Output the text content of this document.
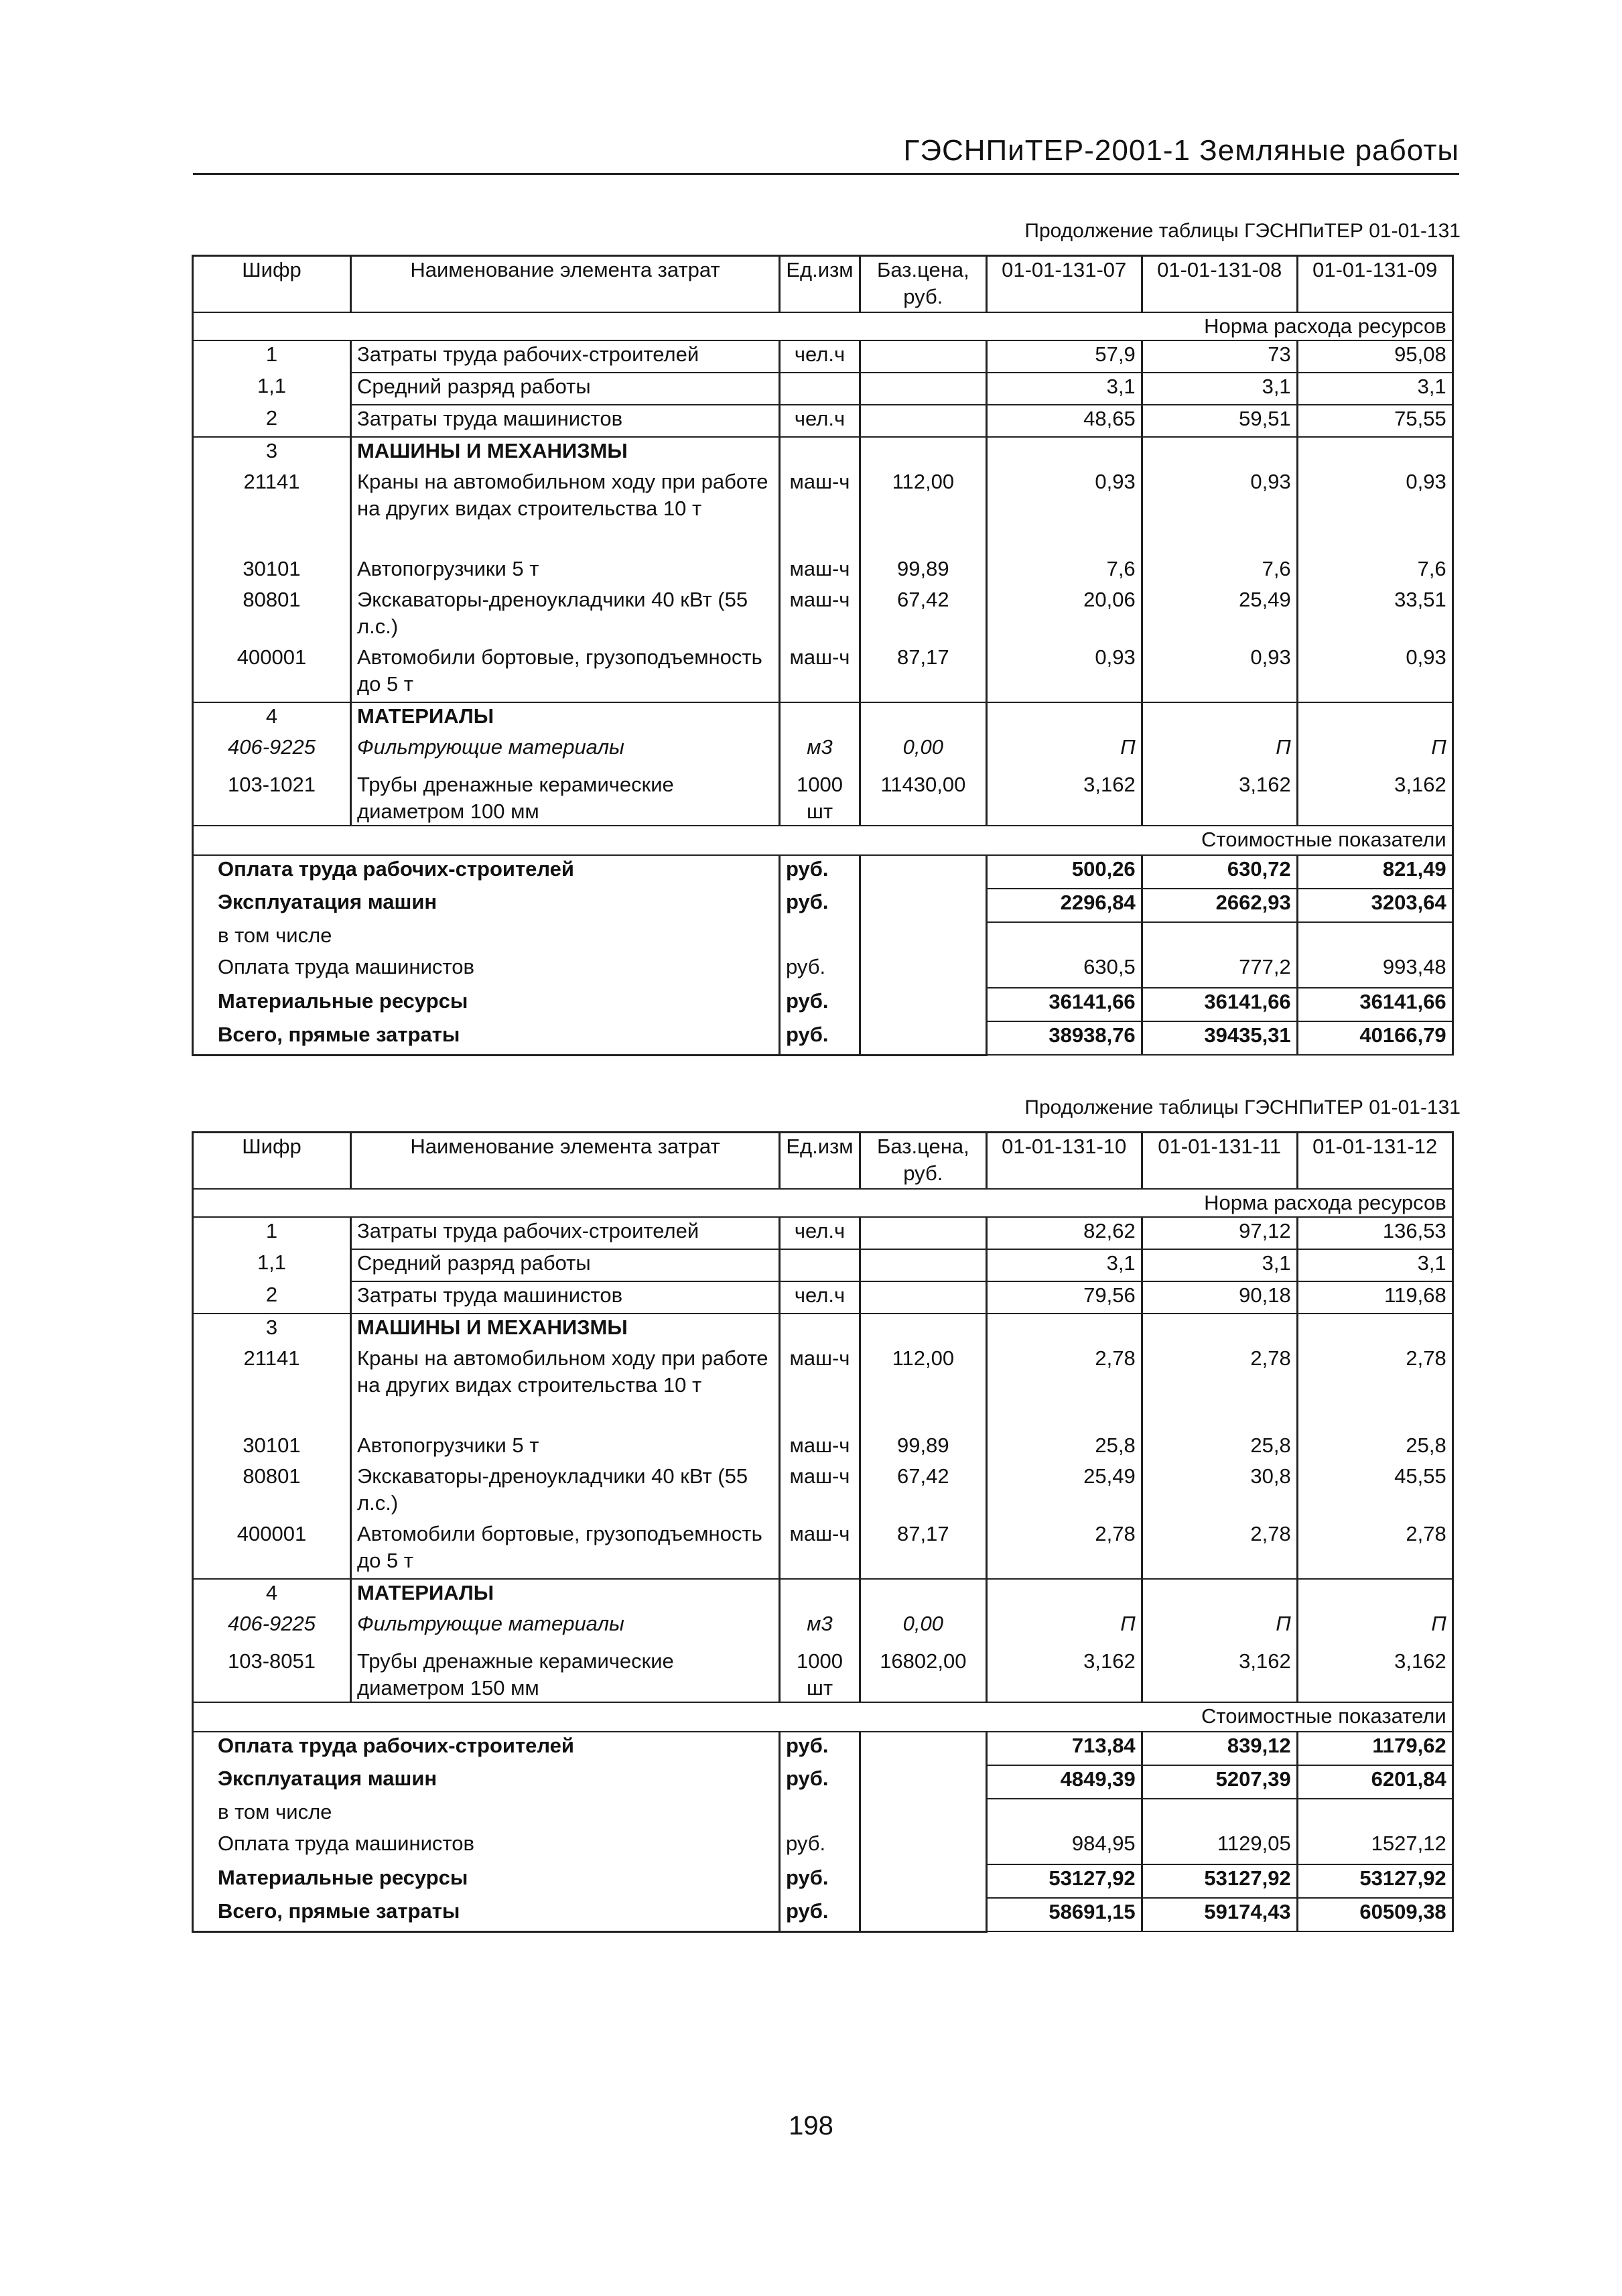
ГЭСНПиТЕР-2001-1 Земляные работы
Продолжение таблицы ГЭСНПиТЕР 01-01-131
Шифр	Наименование элемента затрат	Ед.изм	Баз.цена, руб.	01-01-131-07	01-01-131-08	01-01-131-09
Норма расхода ресурсов						
1	Затраты труда рабочих-строителей	чел.ч		57,9	73	95,08
1,1	Средний разряд работы			3,1	3,1	3,1
2	Затраты труда машинистов	чел.ч		48,65	59,51	75,55
3	МАШИНЫ И МЕХАНИЗМЫ					
21141	Краны на автомобильном ходу при работе на других видах строительства 10 т	маш-ч	112,00	0,93	0,93	0,93
30101	Автопогрузчики 5 т	маш-ч	99,89	7,6	7,6	7,6
80801	Экскаваторы-дреноукладчики 40 кВт (55 л.с.)	маш-ч	67,42	20,06	25,49	33,51
400001	Автомобили бортовые, грузоподъемность до 5 т	маш-ч	87,17	0,93	0,93	0,93
4	МАТЕРИАЛЫ					
406-9225	Фильтрующие материалы	м3	0,00	П	П	П
103-1021	Трубы дренажные керамические диаметром 100 мм	1000 шт	11430,00	3,162	3,162	3,162
Стоимостные показатели						
Оплата труда рабочих-строителей		руб.		500,26	630,72	821,49
Эксплуатация машин		руб.		2296,84	2662,93	3203,64
в том числе						
Оплата труда машинистов		руб.		630,5	777,2	993,48
Материальные ресурсы		руб.		36141,66	36141,66	36141,66
Всего, прямые затраты		руб.		38938,76	39435,31	40166,79
Продолжение таблицы ГЭСНПиТЕР 01-01-131
Шифр	Наименование элемента затрат	Ед.изм	Баз.цена, руб.	01-01-131-10	01-01-131-11	01-01-131-12
Норма расхода ресурсов						
1	Затраты труда рабочих-строителей	чел.ч		82,62	97,12	136,53
1,1	Средний разряд работы			3,1	3,1	3,1
2	Затраты труда машинистов	чел.ч		79,56	90,18	119,68
3	МАШИНЫ И МЕХАНИЗМЫ					
21141	Краны на автомобильном ходу при работе на других видах строительства 10 т	маш-ч	112,00	2,78	2,78	2,78
30101	Автопогрузчики 5 т	маш-ч	99,89	25,8	25,8	25,8
80801	Экскаваторы-дреноукладчики 40 кВт (55 л.с.)	маш-ч	67,42	25,49	30,8	45,55
400001	Автомобили бортовые, грузоподъемность до 5 т	маш-ч	87,17	2,78	2,78	2,78
4	МАТЕРИАЛЫ					
406-9225	Фильтрующие материалы	м3	0,00	П	П	П
103-8051	Трубы дренажные керамические диаметром 150 мм	1000 шт	16802,00	3,162	3,162	3,162
Стоимостные показатели						
Оплата труда рабочих-строителей		руб.		713,84	839,12	1179,62
Эксплуатация машин		руб.		4849,39	5207,39	6201,84
в том числе						
Оплата труда машинистов		руб.		984,95	1129,05	1527,12
Материальные ресурсы		руб.		53127,92	53127,92	53127,92
Всего, прямые затраты		руб.		58691,15	59174,43	60509,38
198
